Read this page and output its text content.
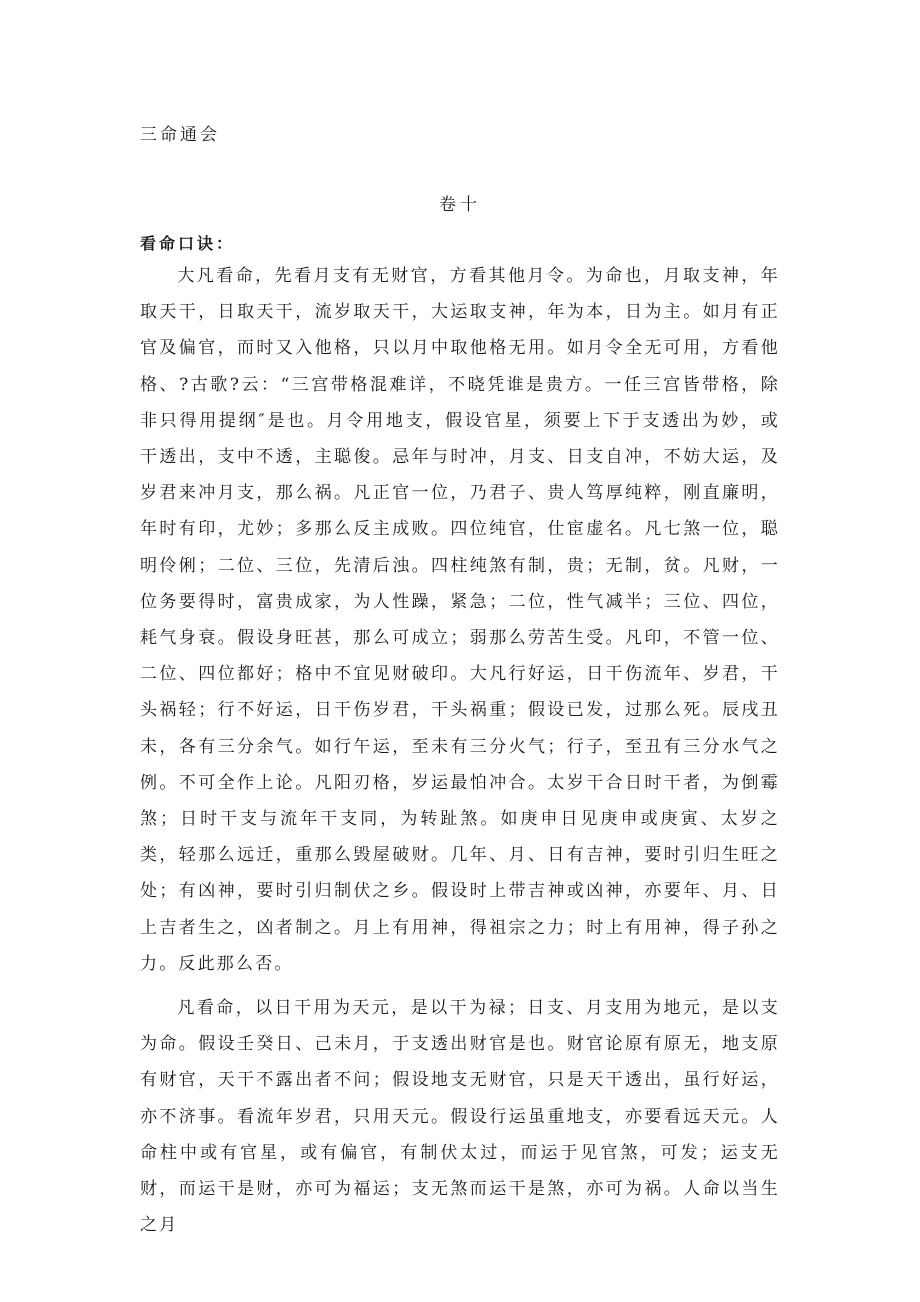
三命通会

卷十

看命口诀：

大凡看命，先看月支有无财官，方看其他月令。为命也，月取支神，年取天干，日取天干，流岁取天干，大运取支神，年为本，日为主。如月有正官及偏官，而时又入他格，只以月中取他格无用。如月令全无可用，方看他格、?古歌?云：“三宫带格混难详，不晓凭谁是贵方。一任三宫皆带格，除非只得用提纲″是也。月令用地支，假设官星，须要上下于支透出为妙，或干透出，支中不透，主聪俊。忌年与时冲，月支、日支自冲，不妨大运，及岁君来冲月支，那么祸。凡正官一位，乃君子、贵人笃厚纯粹，刚直廉明，年时有印，尤妙；多那么反主成败。四位纯官，仕宦虚名。凡七煞一位，聪明伶俐；二位、三位，先清后浊。四柱纯煞有制，贵；无制，贫。凡财，一位务要得时，富贵成家，为人性躁，紧急；二位，性气减半；三位、四位，耗气身衰。假设身旺甚，那么可成立；弱那么劳苦生受。凡印，不管一位、二位、四位都好；格中不宜见财破印。大凡行好运，日干伤流年、岁君，干头祸轻；行不好运，日干伤岁君，干头祸重；假设已发，过那么死。辰戌丑未，各有三分余气。如行午运，至未有三分火气；行子，至丑有三分水气之例。不可全作上论。凡阳刃格，岁运最怕冲合。太岁干合日时干者，为倒霉煞；日时干支与流年干支同，为转趾煞。如庚申日见庚申或庚寅、太岁之类，轻那么远迁，重那么毁屋破财。几年、月、日有吉神，要时引归生旺之处；有凶神，要时引归制伏之乡。假设时上带吉神或凶神，亦要年、月、日上吉者生之，凶者制之。月上有用神，得祖宗之力；时上有用神，得子孙之力。反此那么否。

凡看命，以日干用为天元，是以干为禄；日支、月支用为地元，是以支为命。假设壬癸日、己未月，于支透出财官是也。财官论原有原无，地支原有财官，天干不露出者不问；假设地支无财官，只是天干透出，虽行好运，亦不济事。看流年岁君，只用天元。假设行运虽重地支，亦要看远天元。人命柱中或有官星，或有偏官，有制伏太过，而运于见官煞，可发；运支无财，而运干是财，亦可为福运；支无煞而运干是煞，亦可为祸。人命以当生之月
